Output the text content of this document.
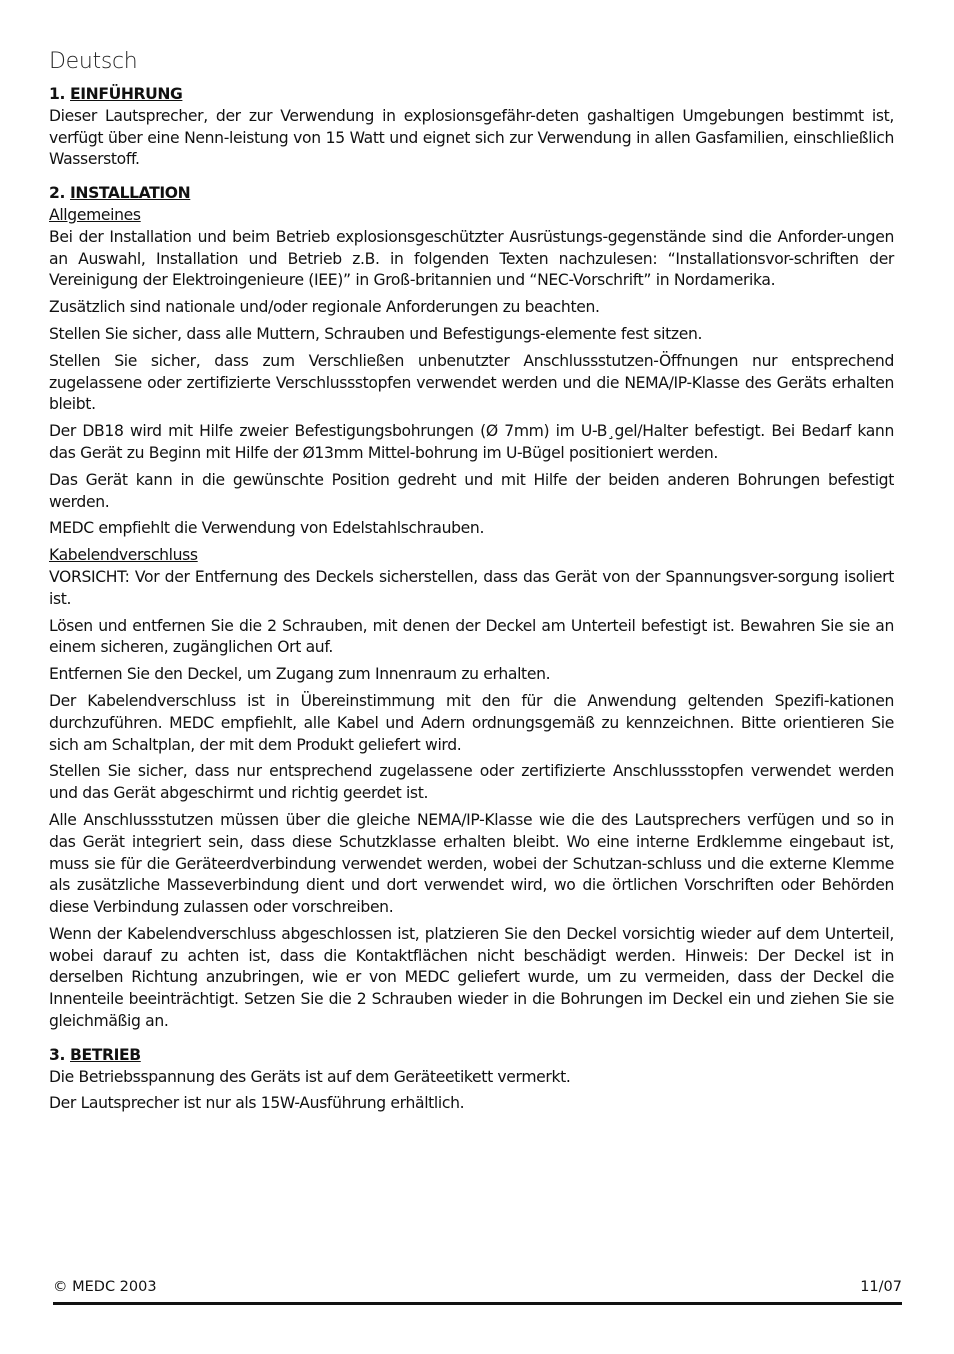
Deutsch
1. EINFÜHRUNG

Dieser Lautsprecher, der zur Verwendung in explosionsgefähr-deten gashaltigen Umgebungen bestimmt ist, verfügt über eine Nenn-leistung von 15 Watt und eignet sich zur Verwendung in allen Gasfamilien, einschließlich Wasserstoff.

2. INSTALLATION
Allgemeines

Bei der Installation und beim Betrieb explosionsgeschützter Ausrüstungs-gegenstände sind die Anforder-ungen an Auswahl, Installation und Betrieb z.B. in folgenden Texten nachzulesen: “Installationsvor-schriften der Vereinigung der Elektroingenieure (IEE)” in Groß-britannien und “NEC-Vorschrift” in Nordamerika.

Zusätzlich sind nationale und/oder regionale Anforderungen zu beachten.

Stellen Sie sicher, dass alle Muttern, Schrauben und Befestigungs-elemente fest sitzen.

Stellen Sie sicher, dass zum Verschließen unbenutzter Anschlussstutzen-Öffnungen nur entsprechend zugelassene oder zertifizierte Verschlussstopfen verwendet werden und die NEMA/IP-Klasse des Geräts erhalten bleibt.

Der DB18 wird mit Hilfe zweier Befestigungsbohrungen (Ø 7mm) im U-B¸gel/Halter befestigt. Bei Bedarf kann das Gerät zu Beginn mit Hilfe der Ø13mm Mittel-bohrung im U-Bügel positioniert werden.

Das Gerät kann in die gewünschte Position gedreht und mit Hilfe der beiden anderen Bohrungen befestigt werden.

MEDC empfiehlt die Verwendung von Edelstahlschrauben.

Kabelendverschluss

VORSICHT: Vor der Entfernung des Deckels sicherstellen, dass das Gerät von der Spannungsver-sorgung isoliert ist.

Lösen und entfernen Sie die 2 Schrauben, mit denen der Deckel am Unterteil befestigt ist. Bewahren Sie sie an einem sicheren, zugänglichen Ort auf.

Entfernen Sie den Deckel, um Zugang zum Innenraum zu erhalten.

Der Kabelendverschluss ist in Übereinstimmung mit den für die Anwendung geltenden Spezifi-kationen durchzuführen. MEDC empfiehlt, alle Kabel und Adern ordnungsgemäß zu kennzeichnen. Bitte orientieren Sie sich am Schaltplan, der mit dem Produkt geliefert wird.

Stellen Sie sicher, dass nur entsprechend zugelassene oder zertifizierte Anschlussstopfen verwendet werden und das Gerät abgeschirmt und richtig geerdet ist.

Alle Anschlussstutzen müssen über die gleiche NEMA/IP-Klasse wie die des Lautsprechers verfügen und so in das Gerät integriert sein, dass diese Schutzklasse erhalten bleibt. Wo eine interne Erdklemme eingebaut ist, muss sie für die Geräteerdverbindung verwendet werden, wobei der Schutzan-schluss und die externe Klemme als zusätzliche Masseverbindung dient und dort verwendet wird, wo die örtlichen Vorschriften oder Behörden diese Verbindung zulassen oder vorschreiben.

Wenn der Kabelendverschluss abgeschlossen ist, platzieren Sie den Deckel vorsichtig wieder auf dem Unterteil, wobei darauf zu achten ist, dass die Kontaktflächen nicht beschädigt werden. Hinweis: Der Deckel ist in derselben Richtung anzubringen, wie er von MEDC geliefert wurde, um zu vermeiden, dass der Deckel die Innenteile beeinträchtigt. Setzen Sie die 2 Schrauben wieder in die Bohrungen im Deckel ein und ziehen Sie sie gleichmäßig an.

3. BETRIEB

Die Betriebsspannung des Geräts ist auf dem Geräteetikett vermerkt.

Der Lautsprecher ist nur als 15W-Ausführung erhältlich.

© MEDC 2003	11/07
